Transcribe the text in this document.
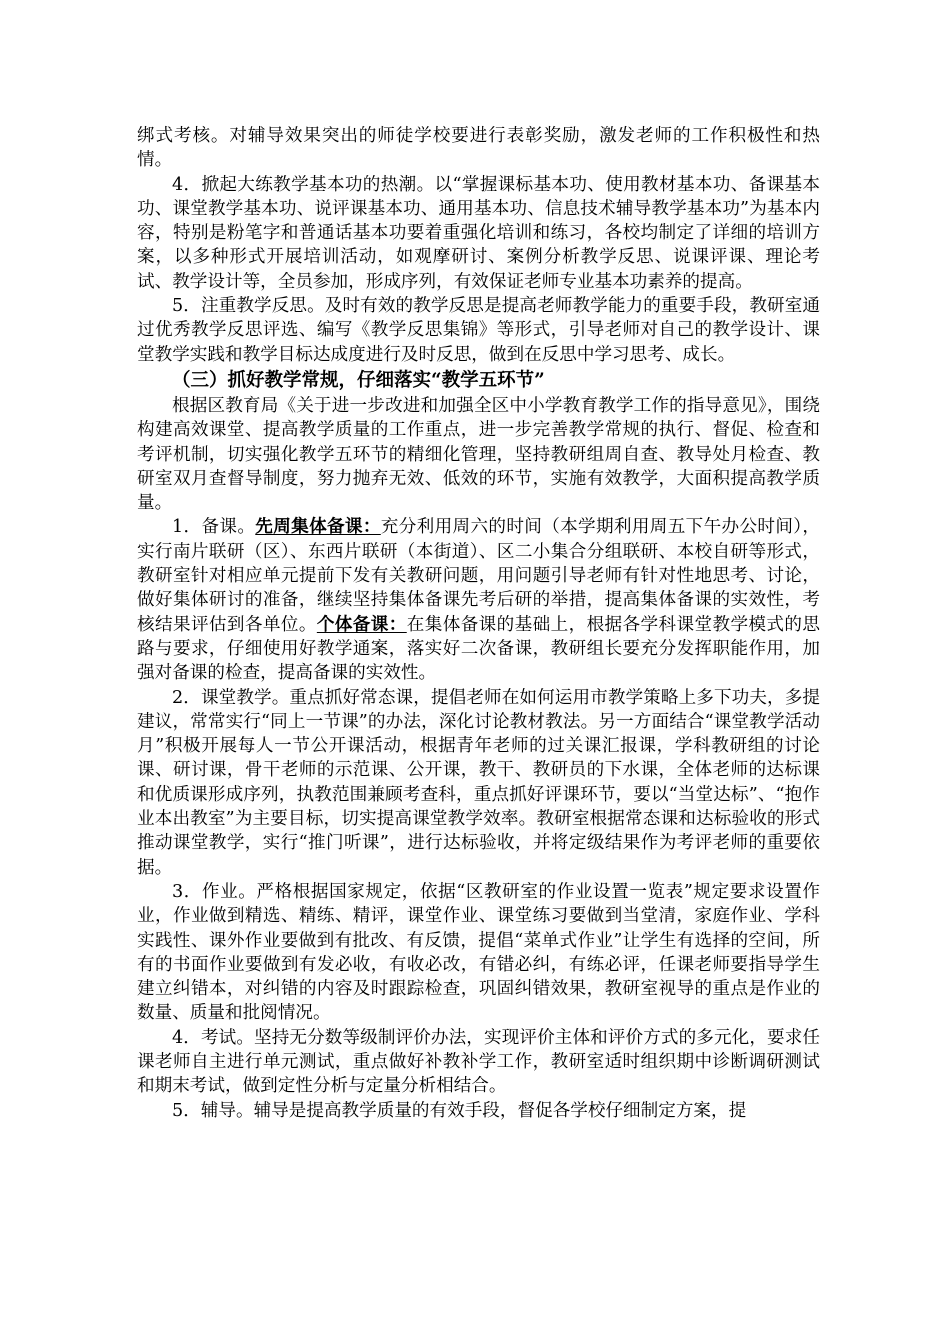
绑式考核。对辅导效果突出的师徒学校要进行表彰奖励，激发老师的工作积极性和热情。

4．掀起大练教学基本功的热潮。以“掌握课标基本功、使用教材基本功、备课基本功、课堂教学基本功、说评课基本功、通用基本功、信息技术辅导教学基本功”为基本内容，特别是粉笔字和普通话基本功要着重强化培训和练习，各校均制定了详细的培训方案，以多种形式开展培训活动，如观摩研讨、案例分析教学反思、说课评课、理论考试、教学设计等，全员参加，形成序列，有效保证老师专业基本功素养的提高。

5．注重教学反思。及时有效的教学反思是提高老师教学能力的重要手段，教研室通过优秀教学反思评选、编写《教学反思集锦》等形式，引导老师对自己的教学设计、课堂教学实践和教学目标达成度进行及时反思，做到在反思中学习思考、成长。

（三）抓好教学常规，仔细落实“教学五环节”

根据区教育局《关于进一步改进和加强全区中小学教育教学工作的指导意见》，围绕构建高效课堂、提高教学质量的工作重点，进一步完善教学常规的执行、督促、检查和考评机制，切实强化教学五环节的精细化管理，坚持教研组周自查、教导处月检查、教研室双月查督导制度，努力抛弃无效、低效的环节，实施有效教学，大面积提高教学质量。

1．备课。先周集体备课：充分利用周六的时间（本学期利用周五下午办公时间），实行南片联研（区）、东西片联研（本街道）、区二小集合分组联研、本校自研等形式，教研室针对相应单元提前下发有关教研问题，用问题引导老师有针对性地思考、讨论，做好集体研讨的准备，继续坚持集体备课先考后研的举措，提高集体备课的实效性，考核结果评估到各单位。个体备课：在集体备课的基础上，根据各学科课堂教学模式的思路与要求，仔细使用好教学通案，落实好二次备课，教研组长要充分发挥职能作用，加强对备课的检查，提高备课的实效性。

2．课堂教学。重点抓好常态课，提倡老师在如何运用市教学策略上多下功夫，多提建议，常常实行“同上一节课”的办法，深化讨论教材教法。另一方面结合“课堂教学活动月”积极开展每人一节公开课活动，根据青年老师的过关课汇报课，学科教研组的讨论课、研讨课，骨干老师的示范课、公开课，教干、教研员的下水课，全体老师的达标课和优质课形成序列，执教范围兼顾考查科，重点抓好评课环节，要以“当堂达标”、“抱作业本出教室”为主要目标，切实提高课堂教学效率。教研室根据常态课和达标验收的形式推动课堂教学，实行“推门听课”，进行达标验收，并将定级结果作为考评老师的重要依据。

3．作业。严格根据国家规定，依据“区教研室的作业设置一览表”规定要求设置作业，作业做到精选、精练、精评，课堂作业、课堂练习要做到当堂清，家庭作业、学科实践性、课外作业要做到有批改、有反馈，提倡“菜单式作业”让学生有选择的空间，所有的书面作业要做到有发必收，有收必改，有错必纠，有练必评，任课老师要指导学生建立纠错本，对纠错的内容及时跟踪检查，巩固纠错效果，教研室视导的重点是作业的数量、质量和批阅情况。

4．考试。坚持无分数等级制评价办法，实现评价主体和评价方式的多元化，要求任课老师自主进行单元测试，重点做好补教补学工作，教研室适时组织期中诊断调研测试和期末考试，做到定性分析与定量分析相结合。

5．辅导。辅导是提高教学质量的有效手段，督促各学校仔细制定方案，提
